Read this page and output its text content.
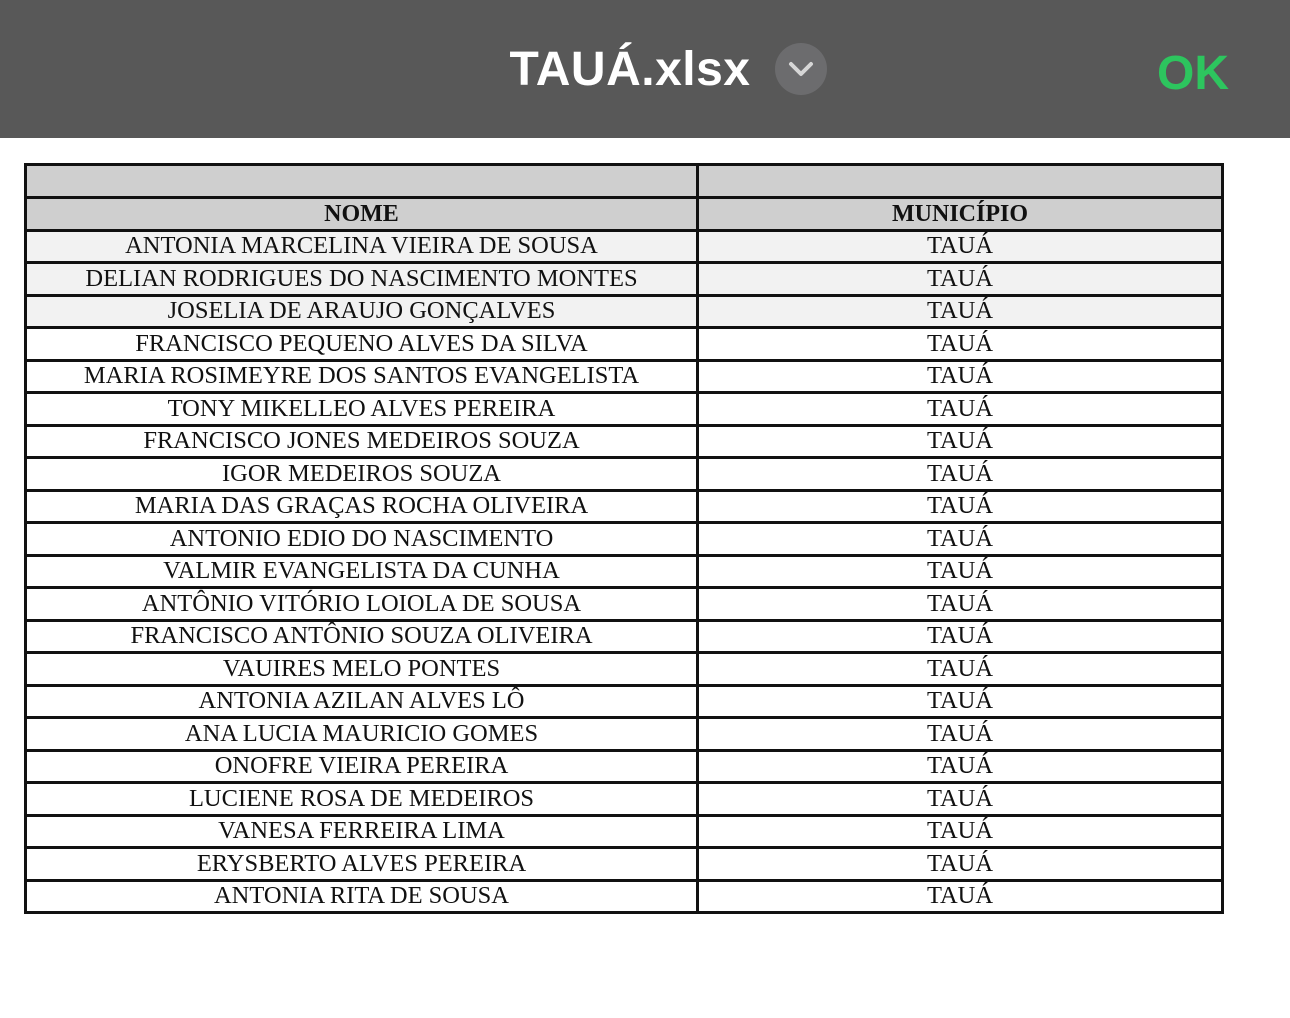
TAUÁ.xlsx	OK

NOME	MUNICÍPIO
ANTONIA MARCELINA VIEIRA DE SOUSA	TAUÁ
DELIAN RODRIGUES DO NASCIMENTO MONTES	TAUÁ
JOSELIA DE ARAUJO GONÇALVES	TAUÁ
FRANCISCO PEQUENO ALVES DA SILVA	TAUÁ
MARIA ROSIMEYRE DOS SANTOS EVANGELISTA	TAUÁ
TONY MIKELLEO ALVES PEREIRA	TAUÁ
FRANCISCO JONES MEDEIROS SOUZA	TAUÁ
IGOR MEDEIROS SOUZA	TAUÁ
MARIA DAS GRAÇAS ROCHA OLIVEIRA	TAUÁ
ANTONIO EDIO DO NASCIMENTO	TAUÁ
VALMIR EVANGELISTA DA CUNHA	TAUÁ
ANTÔNIO VITÓRIO LOIOLA DE SOUSA	TAUÁ
FRANCISCO ANTÔNIO SOUZA OLIVEIRA	TAUÁ
VAUIRES MELO PONTES	TAUÁ
ANTONIA AZILAN ALVES LÔ	TAUÁ
ANA LUCIA MAURICIO GOMES	TAUÁ
ONOFRE VIEIRA PEREIRA	TAUÁ
LUCIENE ROSA DE MEDEIROS	TAUÁ
VANESA FERREIRA LIMA	TAUÁ
ERYSBERTO ALVES PEREIRA	TAUÁ
ANTONIA RITA DE SOUSA	TAUÁ
